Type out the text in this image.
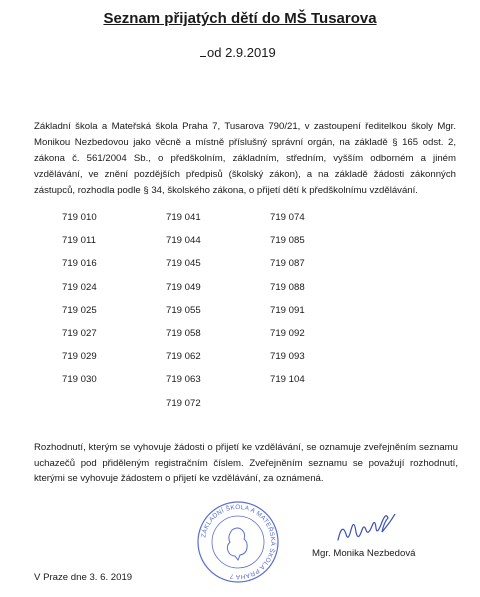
Seznam přijatých dětí do MŠ Tusarova
od 2.9.2019
Základní škola a Mateřská škola Praha 7, Tusarova 790/21, v zastoupení ředitelkou školy Mgr. Monikou Nezbedovou jako věcně a místně příslušný správní orgán, na základě § 165 odst. 2, zákona č. 561/2004 Sb., o předškolním, základním, středním, vyšším odborném a jiném vzdělávání, ve znění pozdějších předpisů (školský zákon), a na základě žádosti zákonných zástupců, rozhodla podle § 34, školského zákona, o přijetí dětí k předškolnímu vzdělávání.
719 010
719 011
719 016
719 024
719 025
719 027
719 029
719 030
719 041
719 044
719 045
719 049
719 055
719 058
719 062
719 063
719 072
719 074
719 085
719 087
719 088
719 091
719 092
719 093
719 104
Rozhodnutí, kterým se vyhovuje žádosti o přijetí ke vzdělávání, se oznamuje zveřejněním seznamu uchazečů pod přiděleným registračním číslem. Zveřejněním seznamu se považují rozhodnutí, kterými se vyhovuje žádostem o přijetí ke vzdělávání, za oznámená.
ZÁKLADNÍ ŠKOLA A MATEŘSKÁ ŠKOLA PRAHA 7
Mgr. Monika Nezbedová
V Praze dne 3. 6. 2019
